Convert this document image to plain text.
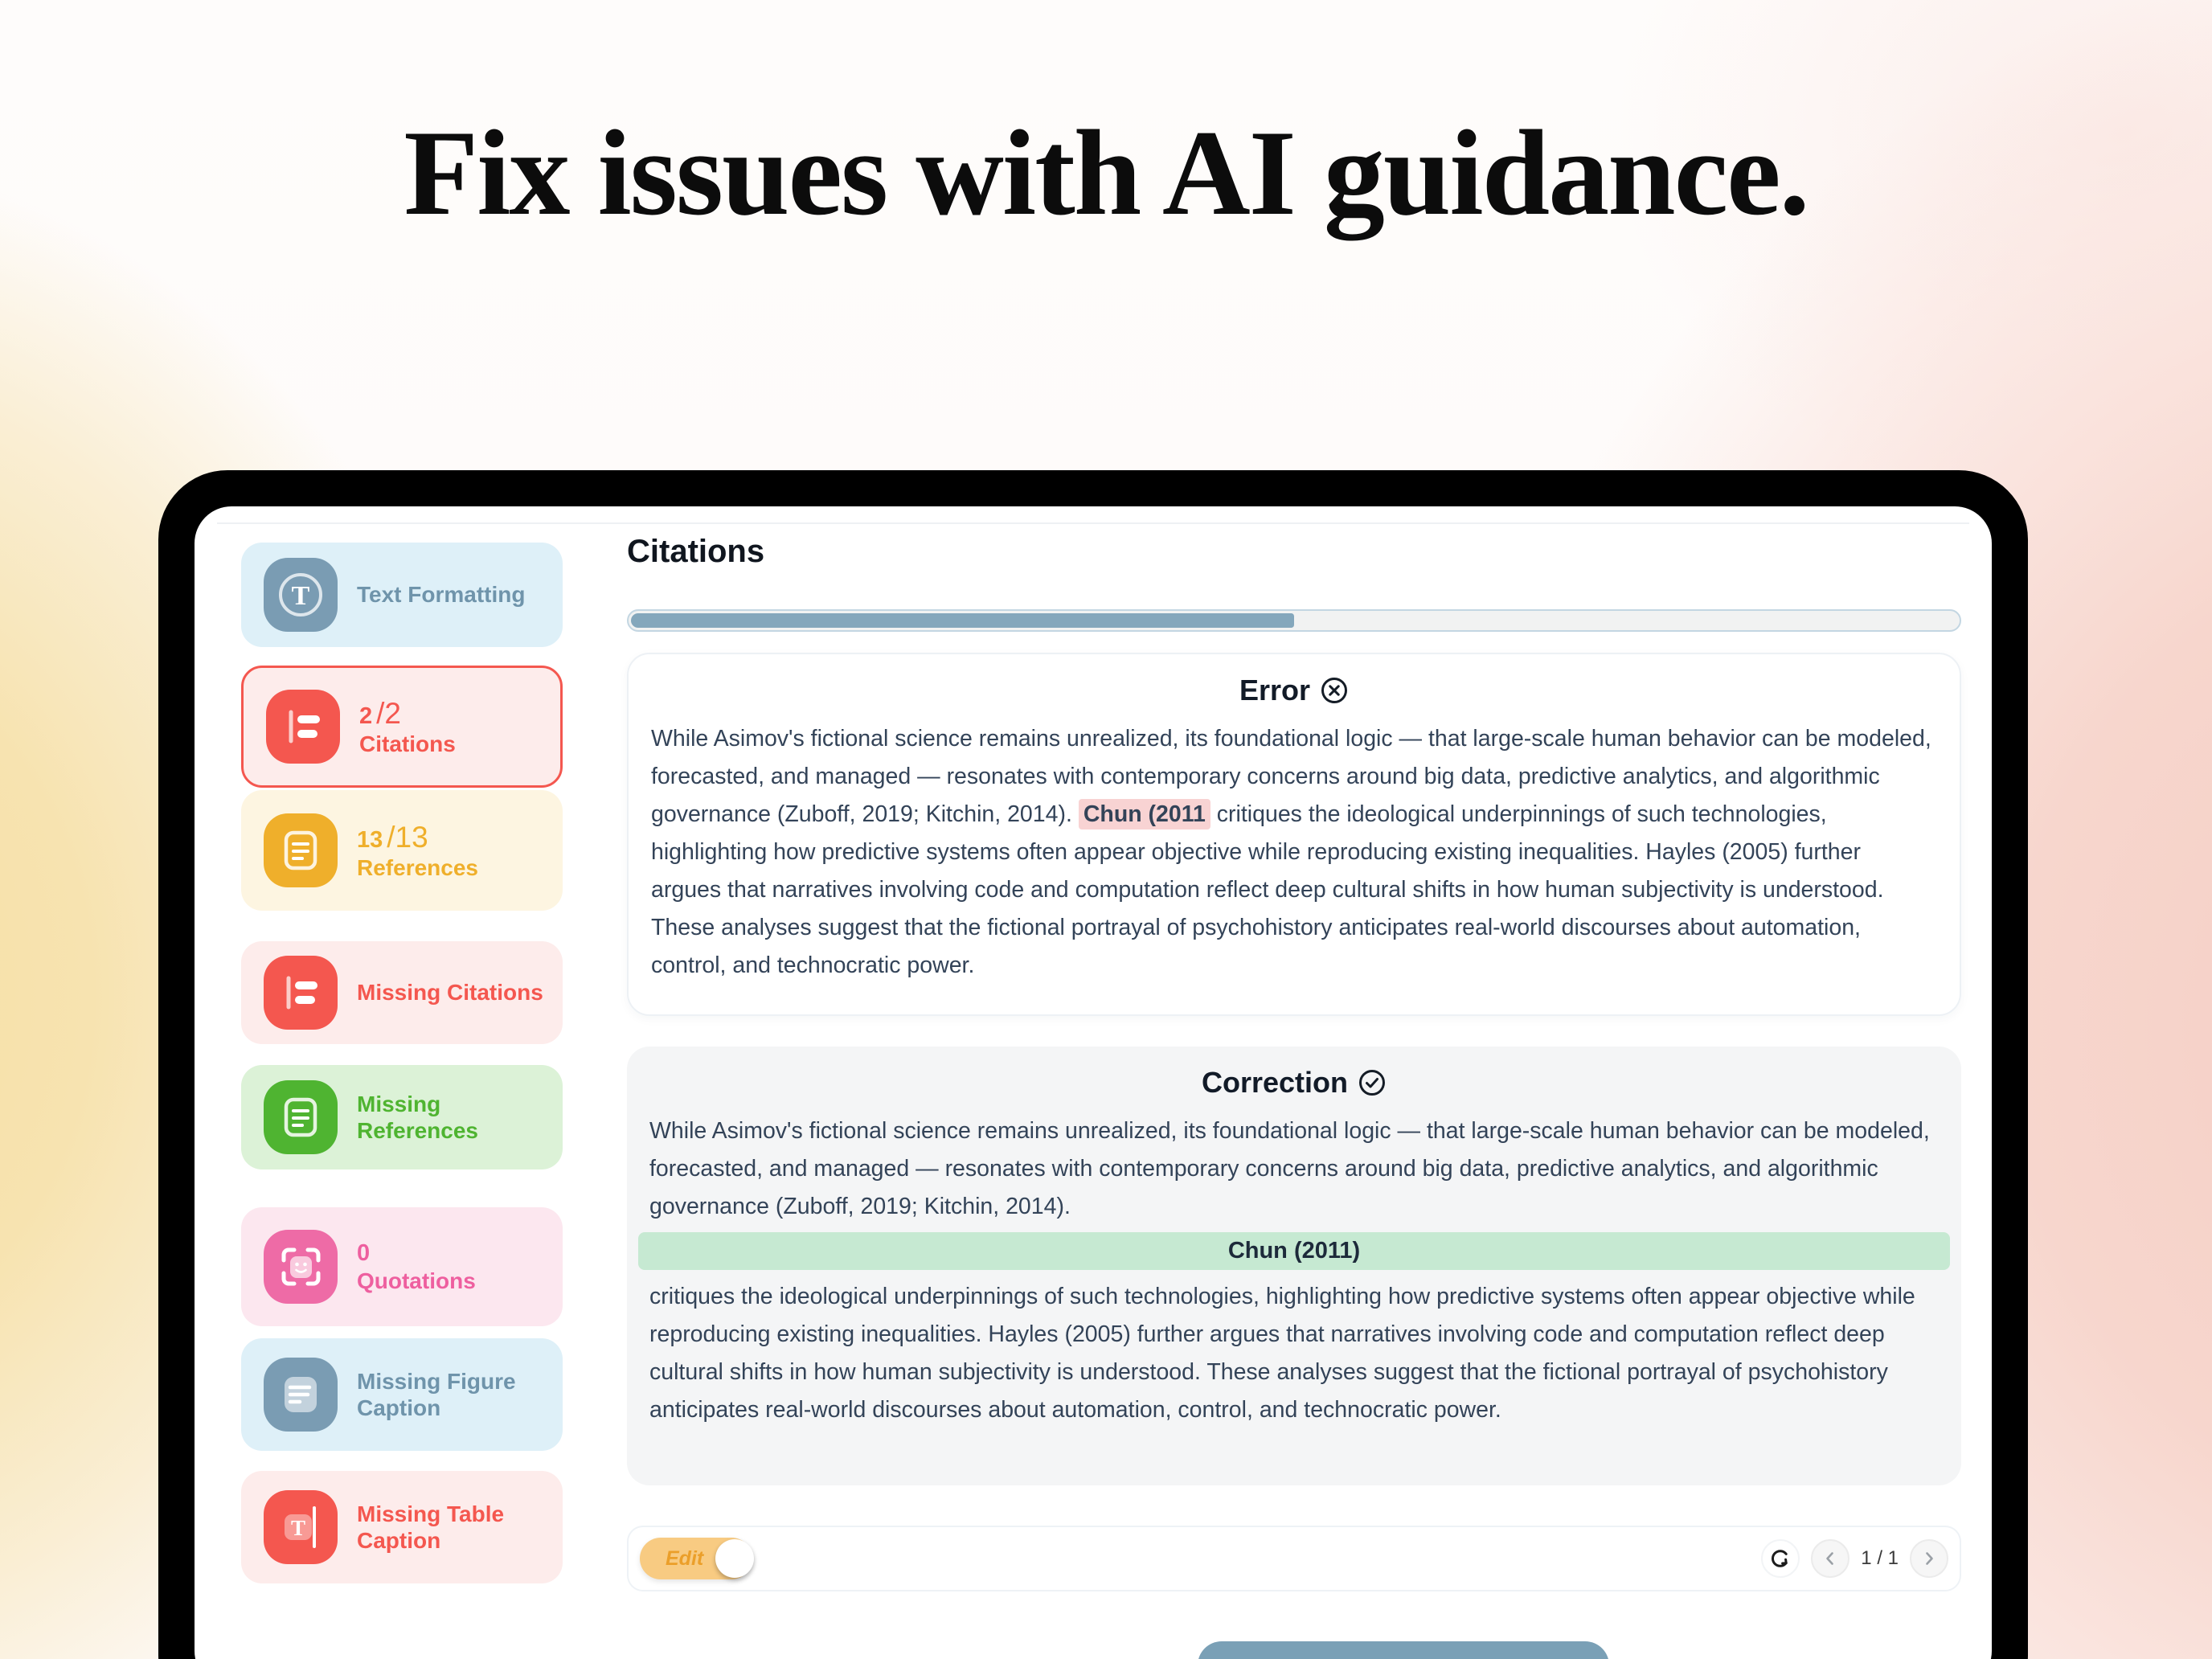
Fix issues with AI guidance.
T Text Formatting
2 /2
Citations
13 /13
References
Missing Citations
Missing References
0
Quotations
Missing Figure Caption
T
Missing Table Caption
Citations
Error

While Asimov's fictional science remains unrealized, its foundational logic — that large-scale human behavior can be modeled, forecasted, and managed — resonates with contemporary concerns around big data, predictive analytics, and algorithmic governance (Zuboff, 2019; Kitchin, 2014). Chun (2011 critiques the ideological underpinnings of such technologies, highlighting how predictive systems often appear objective while reproducing existing inequalities. Hayles (2005) further argues that narratives involving code and computation reflect deep cultural shifts in how human subjectivity is understood. These analyses suggest that the fictional portrayal of psychohistory anticipates real-world discourses about automation, control, and technocratic power.

Correction

While Asimov's fictional science remains unrealized, its foundational logic — that large-scale human behavior can be modeled, forecasted, and managed — resonates with contemporary concerns around big data, predictive analytics, and algorithmic governance (Zuboff, 2019; Kitchin, 2014).

Chun (2011)

critiques the ideological underpinnings of such technologies, highlighting how predictive systems often appear objective while reproducing existing inequalities. Hayles (2005) further argues that narratives involving code and computation reflect deep cultural shifts in how human subjectivity is understood. These analyses suggest that the fictional portrayal of psychohistory anticipates real-world discourses about automation, control, and technocratic power.

Edit	1 / 1
